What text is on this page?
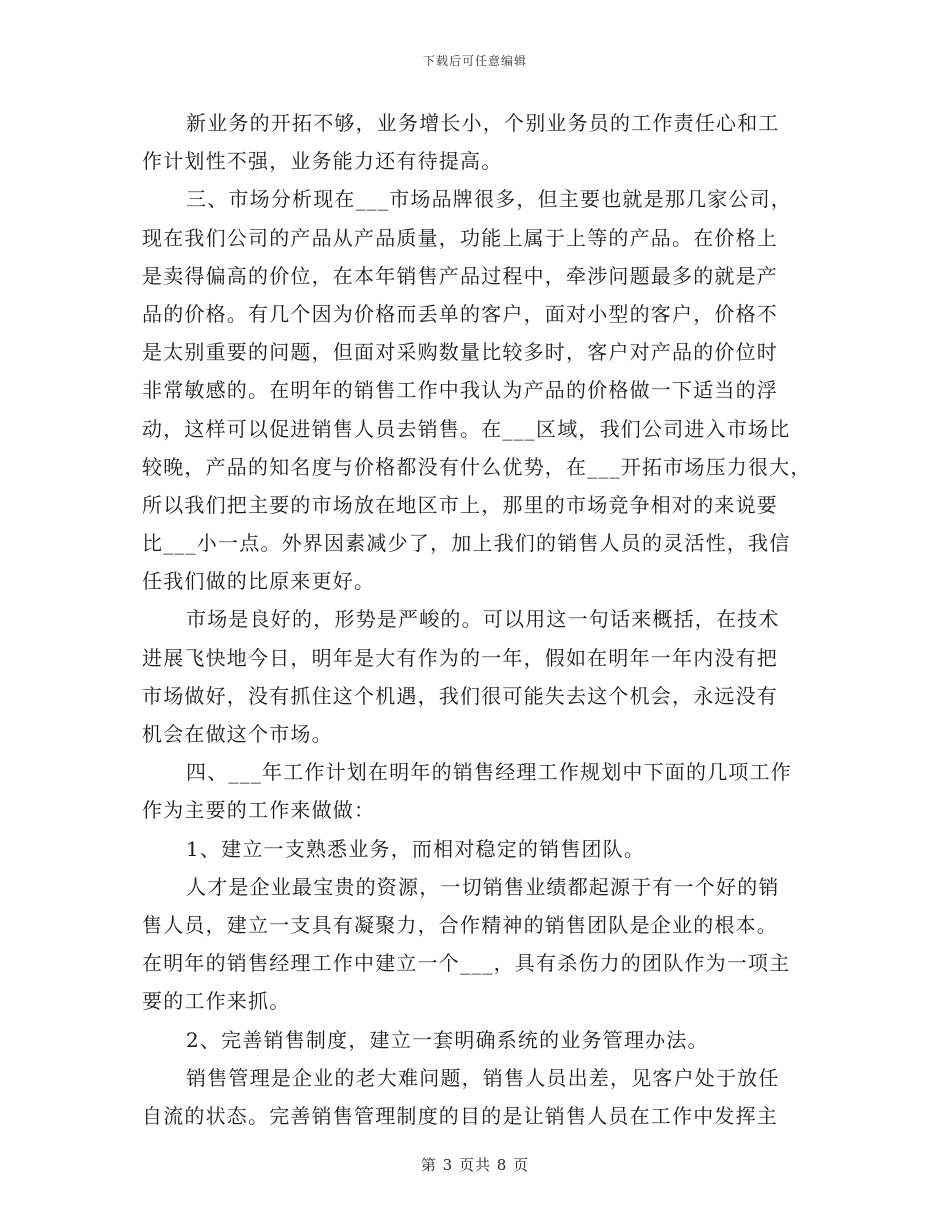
下载后可任意编辑
新业务的开拓不够，业务增长小，个别业务员的工作责任心和工
作计划性不强，业务能力还有待提高。
三、市场分析现在___市场品牌很多，但主要也就是那几家公司，
现在我们公司的产品从产品质量，功能上属于上等的产品。在价格上
是卖得偏高的价位，在本年销售产品过程中，牵涉问题最多的就是产
品的价格。有几个因为价格而丢单的客户，面对小型的客户，价格不
是太别重要的问题，但面对采购数量比较多时，客户对产品的价位时
非常敏感的。在明年的销售工作中我认为产品的价格做一下适当的浮
动，这样可以促进销售人员去销售。在___区域，我们公司进入市场比
较晚，产品的知名度与价格都没有什么优势，在___开拓市场压力很大，
所以我们把主要的市场放在地区市上，那里的市场竞争相对的来说要
比___小一点。外界因素减少了，加上我们的销售人员的灵活性，我信
任我们做的比原来更好。
市场是良好的，形势是严峻的。可以用这一句话来概括，在技术
进展飞快地今日，明年是大有作为的一年，假如在明年一年内没有把
市场做好，没有抓住这个机遇，我们很可能失去这个机会，永远没有
机会在做这个市场。
四、___年工作计划在明年的销售经理工作规划中下面的几项工作
作为主要的工作来做做：
1、建立一支熟悉业务，而相对稳定的销售团队。
人才是企业最宝贵的资源，一切销售业绩都起源于有一个好的销
售人员，建立一支具有凝聚力，合作精神的销售团队是企业的根本。
在明年的销售经理工作中建立一个___，具有杀伤力的团队作为一项主
要的工作来抓。
2、完善销售制度，建立一套明确系统的业务管理办法。
销售管理是企业的老大难问题，销售人员出差，见客户处于放任
自流的状态。完善销售管理制度的目的是让销售人员在工作中发挥主
第 3 页共 8 页
